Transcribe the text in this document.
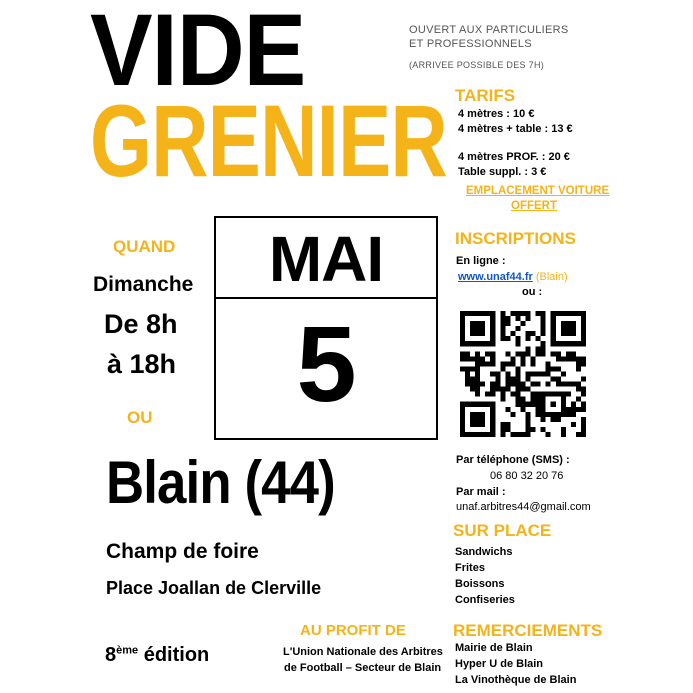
VIDE
GRENIER
OUVERT AUX PARTICULIERS
ET PROFESSIONNELS
(ARRIVEE POSSIBLE DES 7H)
TARIFS
4 mètres : 10 €
4 mètres + table : 13 €
4 mètres PROF. : 20 €
Table suppl. : 3 €
EMPLACEMENT VOITURE
OFFERT
QUAND
Dimanche
De 8h
à 18h
OU
MAI
5
INSCRIPTIONS
En ligne :
www.unaf44.fr (Blain)
ou :
Par téléphone (SMS) :
06 80 32 20 76
Par mail :
unaf.arbitres44@gmail.com
Blain (44)
Champ de foire
Place Joallan de Clerville
8ème édition
AU PROFIT DE
L'Union Nationale des Arbitres
de Football – Secteur de Blain
SUR PLACE
Sandwichs
Frites
Boissons
Confiseries
REMERCIEMENTS
Mairie de Blain
Hyper U de Blain
La Vinothèque de Blain
